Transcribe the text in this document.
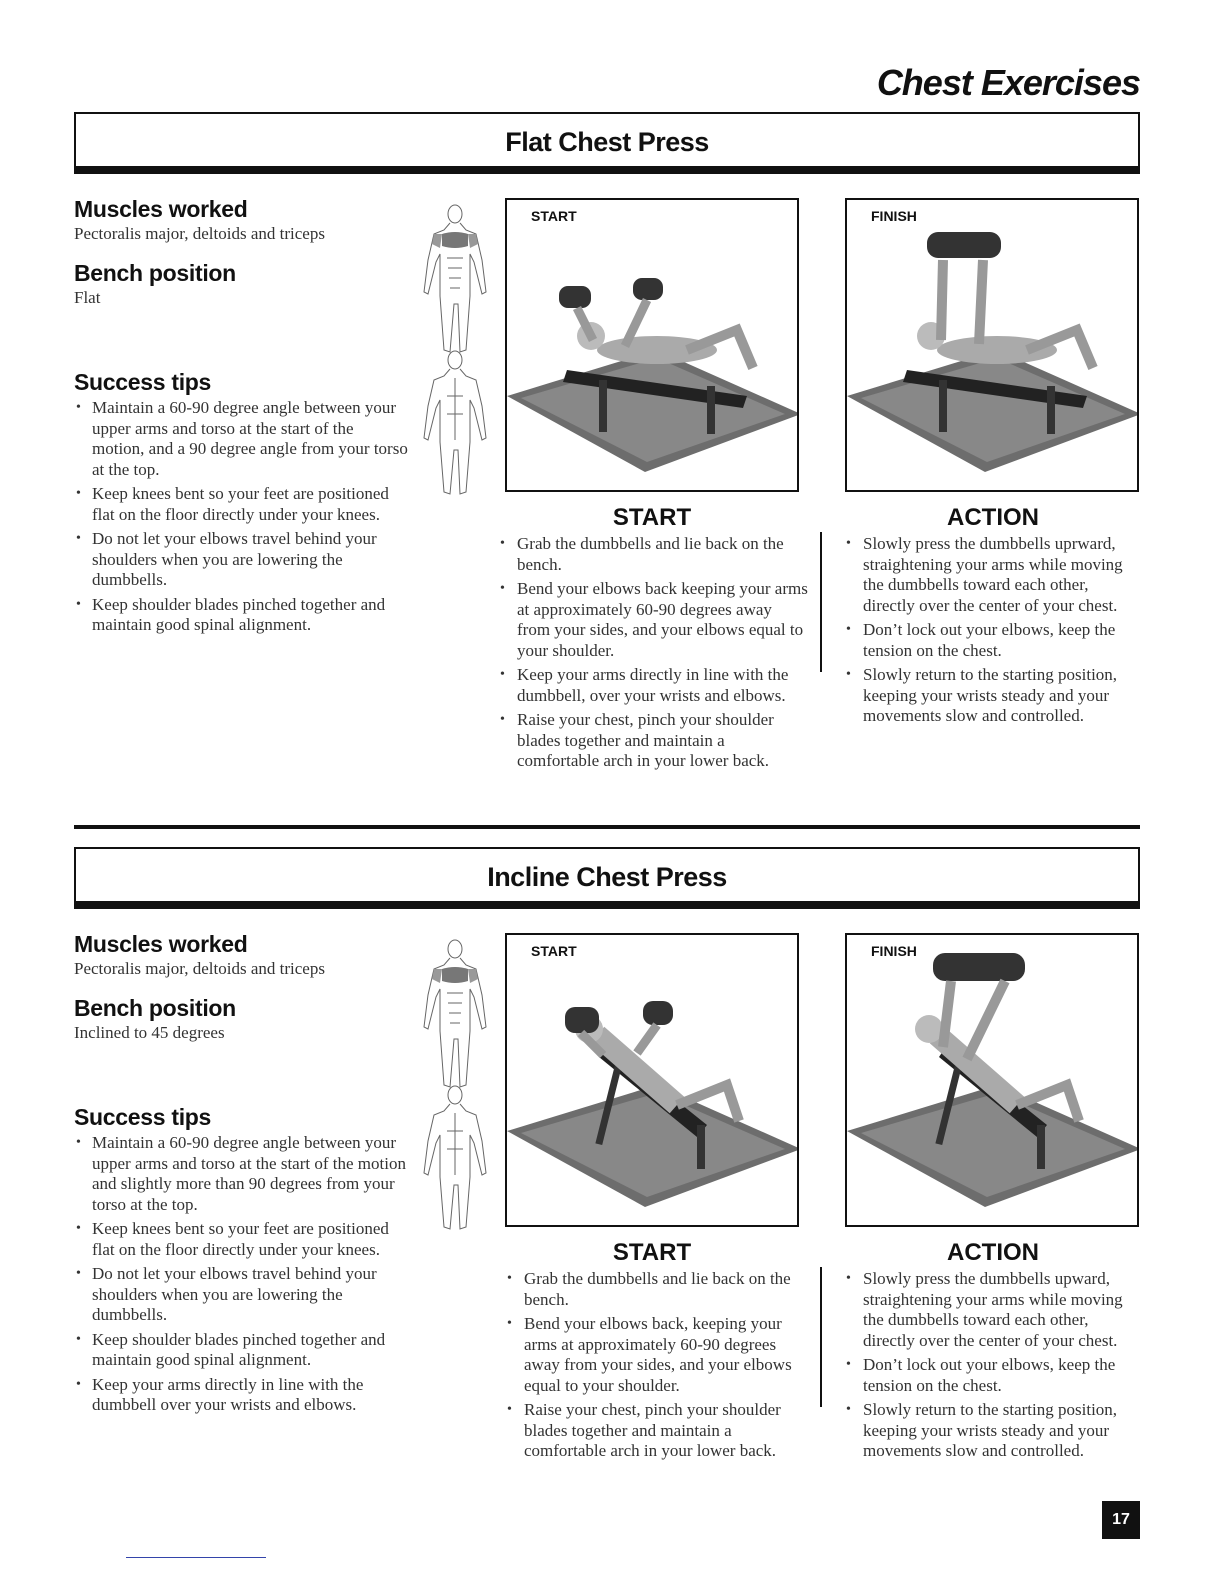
Chest Exercises
Flat Chest Press
Muscles worked
Pectoralis major, deltoids and triceps
Bench position
Flat
Success tips
• Maintain a 60-90 degree angle between your upper arms and torso at the start of the motion, and a 90 degree angle from your torso at the top.
• Keep knees bent so your feet are positioned flat on the floor directly under your knees.
• Do not let your elbows travel behind your shoulders when you are lowering the dumbbells.
• Keep shoulder blades pinched together and maintain good spinal alignment.
START	FINISH
START	ACTION
• Grab the dumbbells and lie back on the bench.
• Bend your elbows back keeping your arms at approximately 60-90 degrees away from your sides, and your elbows equal to your shoulder.
• Keep your arms directly in line with the dumbbell, over your wrists and elbows.
• Raise your chest, pinch your shoulder blades together and maintain a comfortable arch in your lower back.
• Slowly press the dumbbells uprward, straightening your arms while moving the dumbbells toward each other, directly over the center of your chest.
• Don’t lock out your elbows, keep the tension on the chest.
• Slowly return to the starting position, keeping your wrists steady and your movements slow and controlled.
Incline Chest Press
Muscles worked
Pectoralis major, deltoids and triceps
Bench position
Inclined to 45 degrees
Success tips
• Maintain a 60-90 degree angle between your upper arms and torso at the start of the motion and slightly more than 90 degrees from your torso at the top.
• Keep knees bent so your feet are positioned flat on the floor directly under your knees.
• Do not let your elbows travel behind your shoulders when you are lowering the dumbbells.
• Keep shoulder blades pinched together and maintain good spinal alignment.
• Keep your arms directly in line with the dumbbell over your wrists and elbows.
START	FINISH
START	ACTION
• Grab the dumbbells and lie back on the bench.
• Bend your elbows back, keeping your arms at approximately 60-90 degrees away from your sides, and your elbows equal to your shoulder.
• Raise your chest, pinch your shoulder blades together and maintain a comfortable arch in your lower back.
• Slowly press the dumbbells upward, straightening your arms while moving the dumbbells toward each other, directly over the center of your chest.
• Don’t lock out your elbows, keep the tension on the chest.
• Slowly return to the starting position, keeping your wrists steady and your movements slow and controlled.
17
